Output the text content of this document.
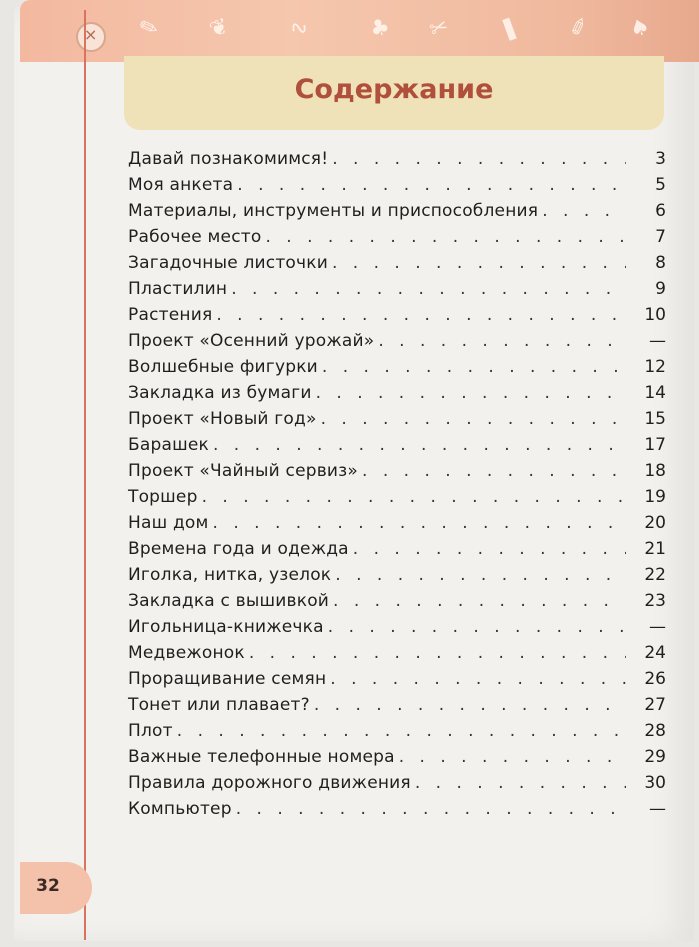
×
✎ ❦ ∿ ♣ ✂ ❚ ✐ ♠
Содержание
Давай познакомимся! . . .	3
Моя анкета . . .	5
Материалы, инструменты и приспособления . . .	6
Рабочее место . . .	7
Загадочные листочки . . .	8
Пластилин . . .	9
Растения . . .	10
Проект «Осенний урожай» . . .	—
Волшебные фигурки . . .	12
Закладка из бумаги . . .	14
Проект «Новый год» . . .	15
Барашек . . .	17
Проект «Чайный сервиз» . . .	18
Торшер . . .	19
Наш дом . . .	20
Времена года и одежда . . .	21
Иголка, нитка, узелок . . .	22
Закладка с вышивкой . . .	23
Игольница-книжечка . . .	—
Медвежонок . . .	24
Проращивание семян . . .	26
Тонет или плавает? . . .	27
Плот . . .	28
Важные телефонные номера . . .	29
Правила дорожного движения . . .	30
Компьютер . . .	—
32
